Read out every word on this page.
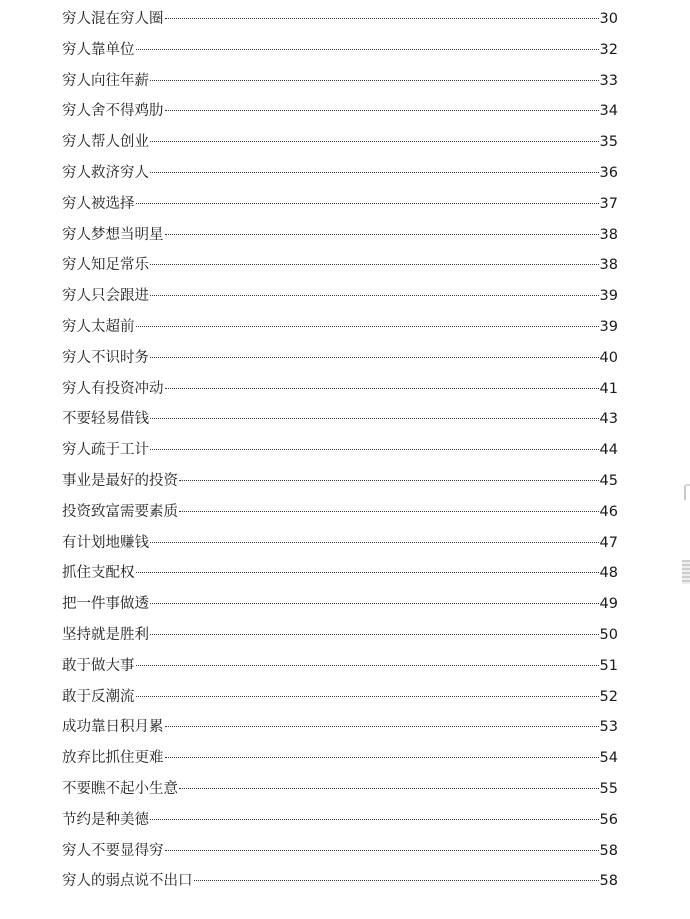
穷人混在穷人圈	30
穷人靠单位	32
穷人向往年薪	33
穷人舍不得鸡肋	34
穷人帮人创业	35
穷人救济穷人	36
穷人被选择	37
穷人梦想当明星	38
穷人知足常乐	38
穷人只会跟进	39
穷人太超前	39
穷人不识时务	40
穷人有投资冲动	41
不要轻易借钱	43
穷人疏于工计	44
事业是最好的投资	45
投资致富需要素质	46
有计划地赚钱	47
抓住支配权	48
把一件事做透	49
坚持就是胜利	50
敢于做大事	51
敢于反潮流	52
成功靠日积月累	53
放弃比抓住更难	54
不要瞧不起小生意	55
节约是种美德	56
穷人不要显得穷	58
穷人的弱点说不出口	58
